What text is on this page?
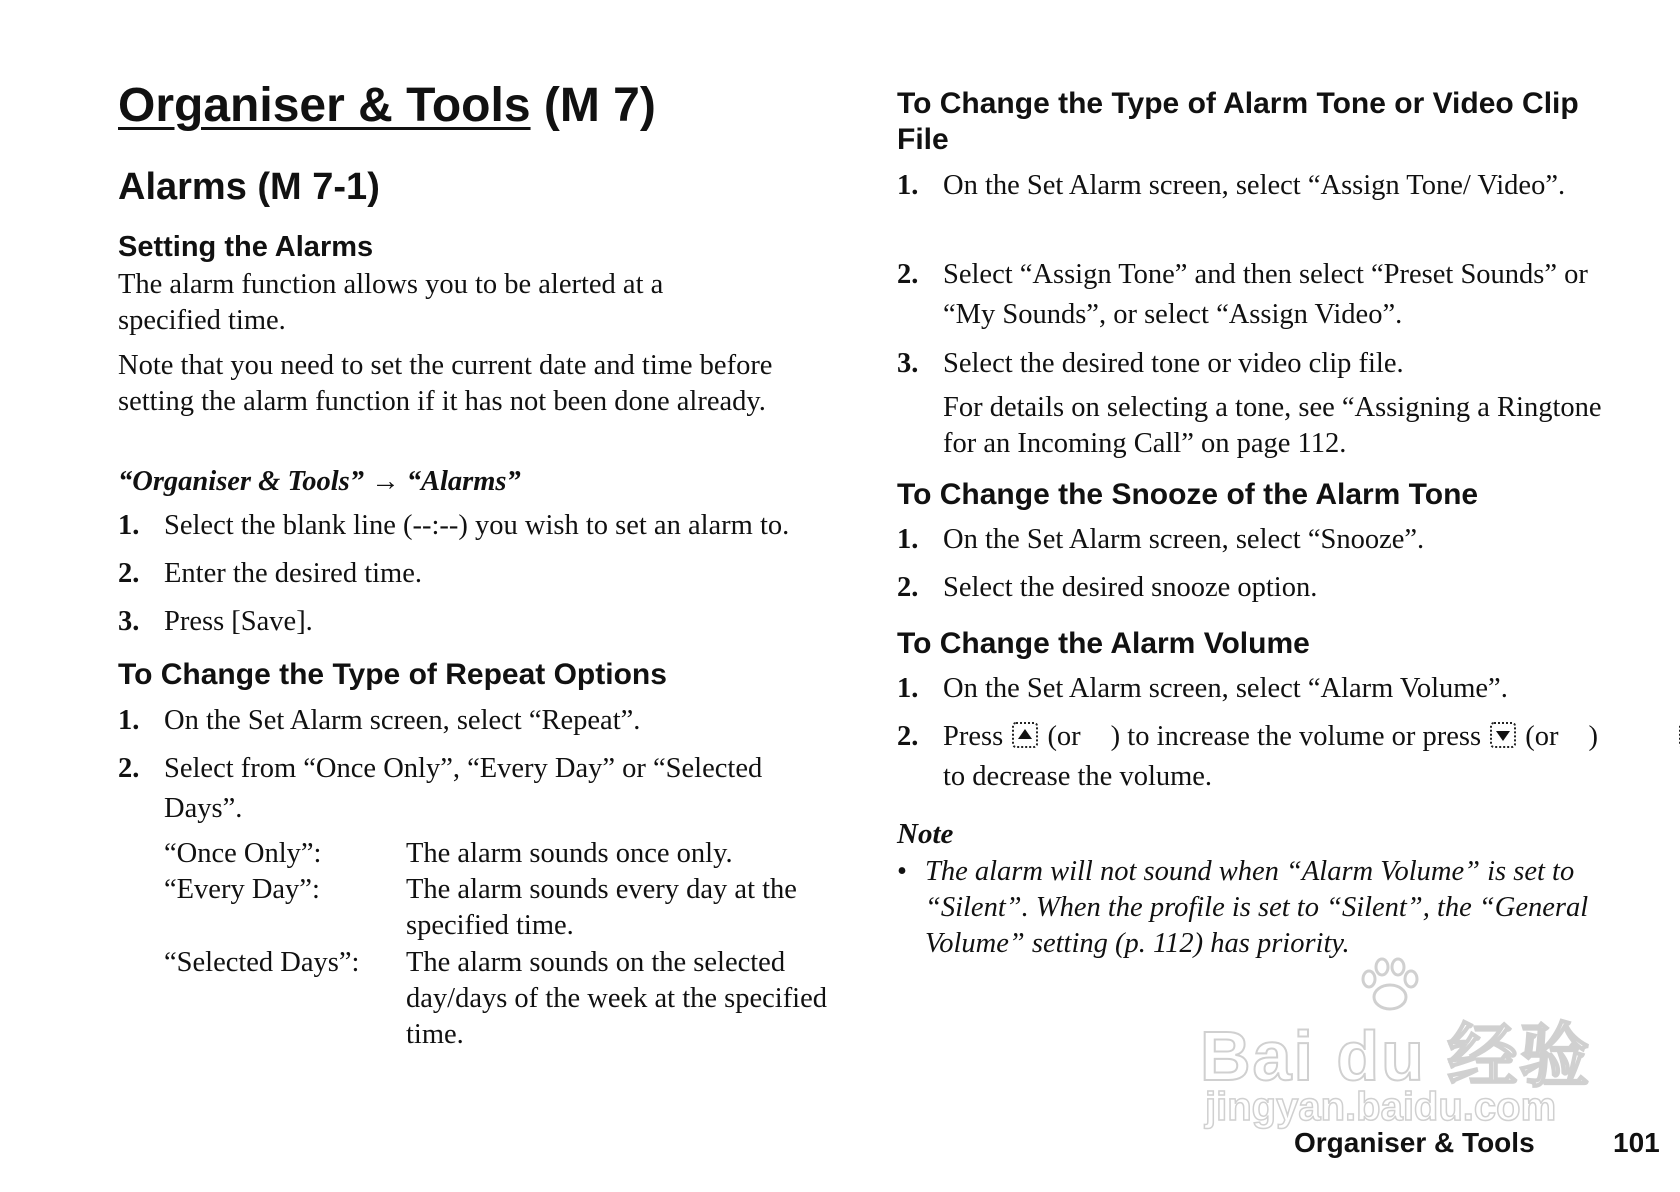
Organiser & Tools (M 7)
Alarms (M 7-1)
Setting the Alarms

The alarm function allows you to be alerted at a specified time.

Note that you need to set the current date and time before setting the alarm function if it has not been done already.

“Organiser & Tools” → “Alarms”

1. Select the blank line (--:--) you wish to set an alarm to.
2. Enter the desired time.
3. Press [Save].
To Change the Type of Repeat Options
1. On the Set Alarm screen, select “Repeat”.
2. Select from “Once Only”, “Every Day” or “Selected Days”.
“Once Only”:	The alarm sounds once only.
“Every Day”:	The alarm sounds every day at the specified time.
“Selected Days”:	The alarm sounds on the selected day/days of the week at the specified time.
To Change the Type of Alarm Tone or Video Clip File
1. On the Set Alarm screen, select “Assign Tone/ Video”.
2. Select “Assign Tone” and then select “Preset Sounds” or “My Sounds”, or select “Assign Video”.
3. Select the desired tone or video clip file.

For details on selecting a tone, see “Assigning a Ringtone for an Incoming Call” on page 112.

To Change the Snooze of the Alarm Tone
1. On the Set Alarm screen, select “Snooze”.
2. Select the desired snooze option.
To Change the Alarm Volume
1. On the Set Alarm screen, select “Alarm Volume”.
2. Press (or ) to increase the volume or press (or ) to decrease the volume.

Note

• The alarm will not sound when “Alarm Volume” is set to “Silent”. When the profile is set to “Silent”, the “General Volume” setting (p. 112) has priority.
Bai du 经验
jingyan.baidu.com
Organiser & Tools	101
